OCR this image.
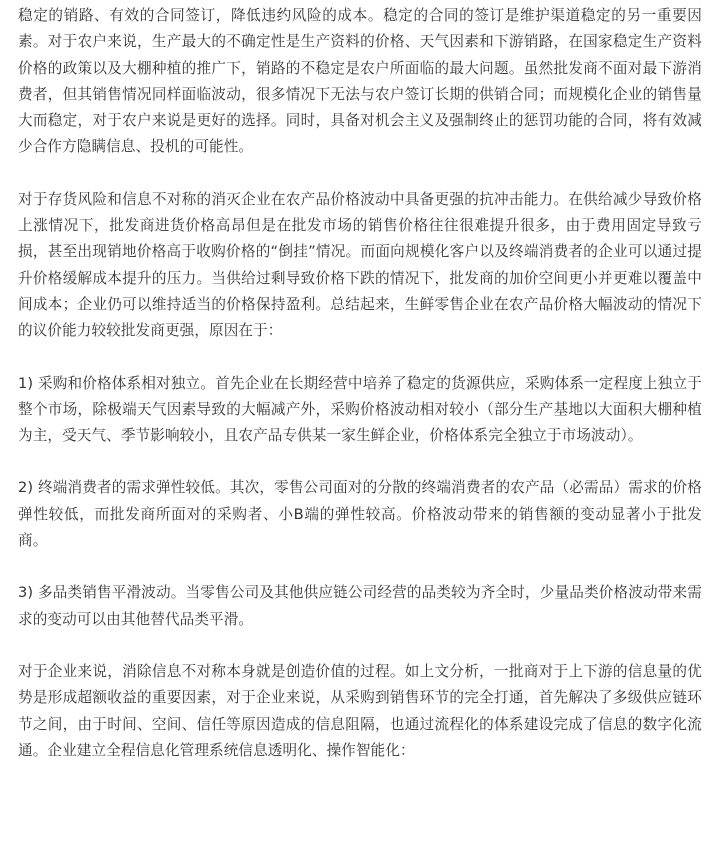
稳定的销路、有效的合同签订，降低违约风险的成本。稳定的合同的签订是维护渠道稳定的另一重要因素。对于农户来说，生产最大的不确定性是生产资料的价格、天气因素和下游销路，在国家稳定生产资料价格的政策以及大棚种植的推广下，销路的不稳定是农户所面临的最大问题。虽然批发商不面对最下游消费者，但其销售情况同样面临波动，很多情况下无法与农户签订长期的供销合同；而规模化企业的销售量大而稳定，对于农户来说是更好的选择。同时，具备对机会主义及强制终止的惩罚功能的合同，将有效减少合作方隐瞒信息、投机的可能性。

对于存货风险和信息不对称的消灭企业在农产品价格波动中具备更强的抗冲击能力。在供给减少导致价格上涨情况下，批发商进货价格高昂但是在批发市场的销售价格往往很难提升很多，由于费用固定导致亏损，甚至出现销地价格高于收购价格的“倒挂”情况。而面向规模化客户以及终端消费者的企业可以通过提升价格缓解成本提升的压力。当供给过剩导致价格下跌的情况下，批发商的加价空间更小并更难以覆盖中间成本；企业仍可以维持适当的价格保持盈利。总结起来，生鲜零售企业在农产品价格大幅波动的情况下的议价能力较较批发商更强，原因在于：

1) 采购和价格体系相对独立。首先企业在长期经营中培养了稳定的货源供应，采购体系一定程度上独立于整个市场，除极端天气因素导致的大幅减产外，采购价格波动相对较小（部分生产基地以大面积大棚种植为主，受天气、季节影响较小，且农产品专供某一家生鲜企业，价格体系完全独立于市场波动）。

2) 终端消费者的需求弹性较低。其次，零售公司面对的分散的终端消费者的农产品（必需品）需求的价格弹性较低，而批发商所面对的采购者、小B端的弹性较高。价格波动带来的销售额的变动显著小于批发商。

3) 多品类销售平滑波动。当零售公司及其他供应链公司经营的品类较为齐全时，少量品类价格波动带来需求的变动可以由其他替代品类平滑。

对于企业来说，消除信息不对称本身就是创造价值的过程。如上文分析，一批商对于上下游的信息量的优势是形成超额收益的重要因素，对于企业来说，从采购到销售环节的完全打通，首先解决了多级供应链环节之间，由于时间、空间、信任等原因造成的信息阻隔，也通过流程化的体系建设完成了信息的数字化流通。企业建立全程信息化管理系统信息透明化、操作智能化：
